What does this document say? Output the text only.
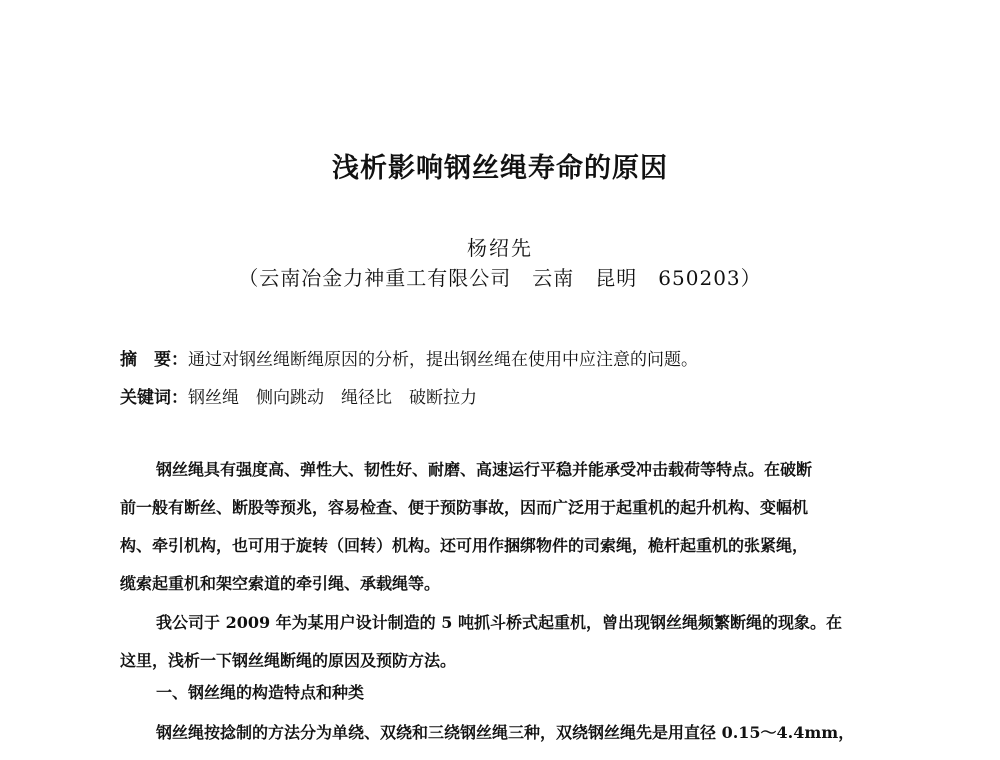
浅析影响钢丝绳寿命的原因
杨绍先
（云南冶金力神重工有限公司　云南　昆明　650203）
摘　要：通过对钢丝绳断绳原因的分析，提出钢丝绳在使用中应注意的问题。
关键词：钢丝绳　侧向跳动　绳径比　破断拉力
钢丝绳具有强度高、弹性大、韧性好、耐磨、高速运行平稳并能承受冲击载荷等特点。在破断
前一般有断丝、断股等预兆，容易检查、便于预防事故，因而广泛用于起重机的起升机构、变幅机
构、牵引机构，也可用于旋转（回转）机构。还可用作捆绑物件的司索绳，桅杆起重机的张紧绳，
缆索起重机和架空索道的牵引绳、承载绳等。
我公司于 2009 年为某用户设计制造的 5 吨抓斗桥式起重机，曾出现钢丝绳频繁断绳的现象。在
这里，浅析一下钢丝绳断绳的原因及预防方法。
一、钢丝绳的构造特点和种类
钢丝绳按捻制的方法分为单绕、双绕和三绕钢丝绳三种，双绕钢丝绳先是用直径 0.15～4.4mm，
